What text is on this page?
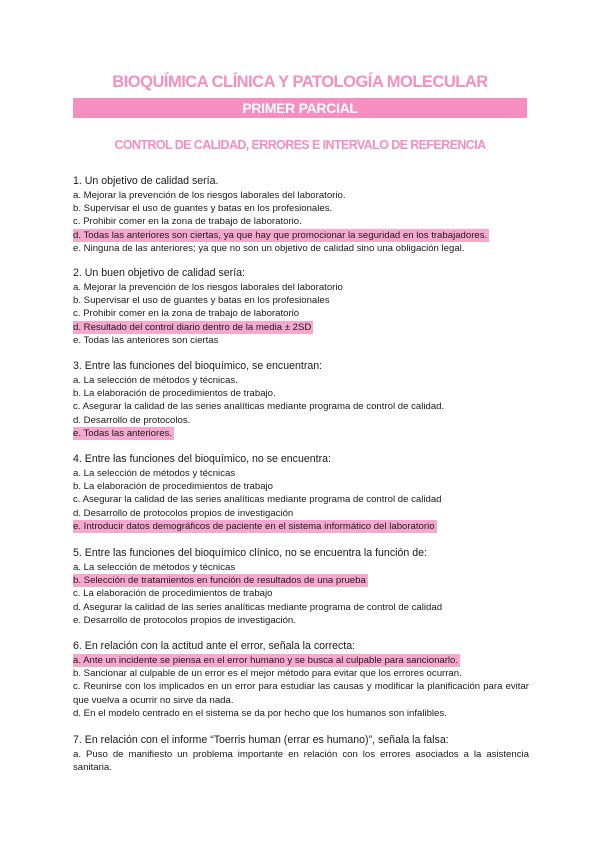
BIOQUÍMICA CLÍNICA Y PATOLOGÍA MOLECULAR
PRIMER PARCIAL
CONTROL DE CALIDAD, ERRORES E INTERVALO DE REFERENCIA
1. Un objetivo de calidad sería.
a. Mejorar la prevención de los riesgos laborales del laboratorio.
b. Supervisar el uso de guantes y batas en los profesionales.
c. Prohibir comer en la zona de trabajo de laboratorio.
d. Todas las anteriores son ciertas, ya que hay que promocionar la seguridad en los trabajadores.

e. Ninguna de las anteriores; ya que no son un objetivo de calidad sino una obligación legal.
2. Un buen objetivo de calidad sería:
a. Mejorar la prevención de los riesgos laborales del laboratorio
b. Supervisar el uso de guantes y batas en los profesionales
c. Prohibir comer en la zona de trabajo de laboratorio
d. Resultado del control diario dentro de la media ± 2SD

e. Todas las anteriores son ciertas
3. Entre las funciones del bioquímico, se encuentran:
a. La selección de métodos y técnicas.
b. La elaboración de procedimientos de trabajo.
c. Asegurar la calidad de las series analíticas mediante programa de control de calidad.
d. Desarrollo de protocolos.
e. Todas las anteriores.

4. Entre las funciones del bioquímico, no se encuentra:
a. La selección de métodos y técnicas
b. La elaboración de procedimientos de trabajo
c. Asegurar la calidad de las series analíticas mediante programa de control de calidad
d. Desarrollo de protocolos propios de investigación
e. Introducir datos demográficos de paciente en el sistema informático del laboratorio

5. Entre las funciones del bioquímico clínico, no se encuentra la función de:
a. La selección de métodos y técnicas
b. Selección de tratamientos en función de resultados de una prueba

c. La elaboración de procedimientos de trabajo
d. Asegurar la calidad de las series analíticas mediante programa de control de calidad
e. Desarrollo de protocolos propios de investigación.
6. En relación con la actitud ante el error, señala la correcta:
a. Ante un incidente se piensa en el error humano y se busca al culpable para sancionarlo.

b. Sancionar al culpable de un error es el mejor método para evitar que los errores ocurran.
c. Reunirse con los implicados en un error para estudiar las causas y modificar la planificación para evitar que vuelva a ocurrir no sirve da nada.
d. En el modelo centrado en el sistema se da por hecho que los humanos son infalibles.
7. En relación con el informe “Toerris human (errar es humano)”, señala la falsa:
a. Puso de manifiesto un problema importante en relación con los errores asociados a la asistencia sanitaria.
